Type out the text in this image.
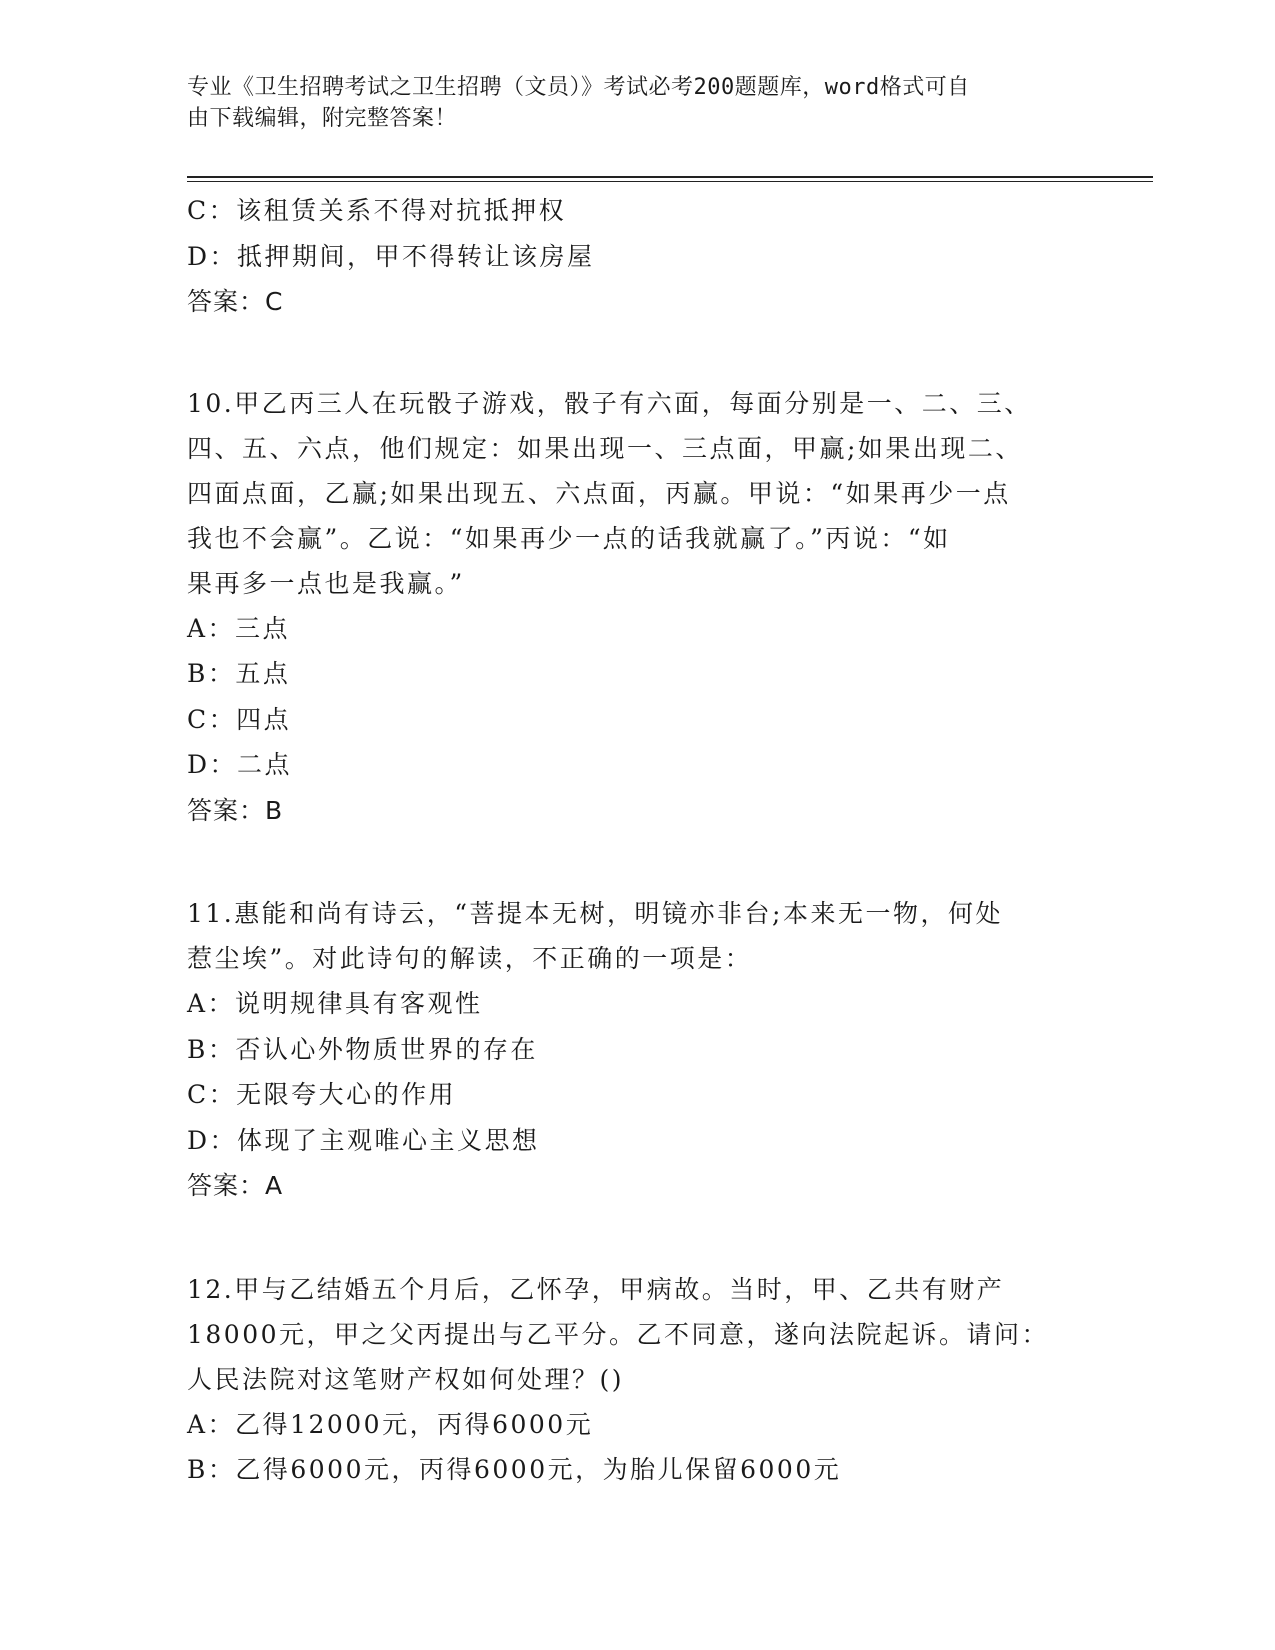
专业《卫生招聘考试之卫生招聘（文员）》考试必考200题题库，word格式可自
由下载编辑，附完整答案！
C：该租赁关系不得对抗抵押权
D：抵押期间，甲不得转让该房屋
答案：C
10.甲乙丙三人在玩骰子游戏，骰子有六面，每面分别是一、二、三、
四、五、六点，他们规定：如果出现一、三点面，甲赢;如果出现二、
四面点面，乙赢;如果出现五、六点面，丙赢。甲说：“如果再少一点
我也不会赢”。乙说：“如果再少一点的话我就赢了。”丙说：“如
果再多一点也是我赢。”
A：三点
B：五点
C：四点
D：二点
答案：B
11.惠能和尚有诗云，“菩提本无树，明镜亦非台;本来无一物，何处
惹尘埃”。对此诗句的解读，不正确的一项是：
A：说明规律具有客观性
B：否认心外物质世界的存在
C：无限夸大心的作用
D：体现了主观唯心主义思想
答案：A
12.甲与乙结婚五个月后，乙怀孕，甲病故。当时，甲、乙共有财产
18000元，甲之父丙提出与乙平分。乙不同意，遂向法院起诉。请问：
人民法院对这笔财产权如何处理？()
A：乙得12000元，丙得6000元
B：乙得6000元，丙得6000元，为胎儿保留6000元
